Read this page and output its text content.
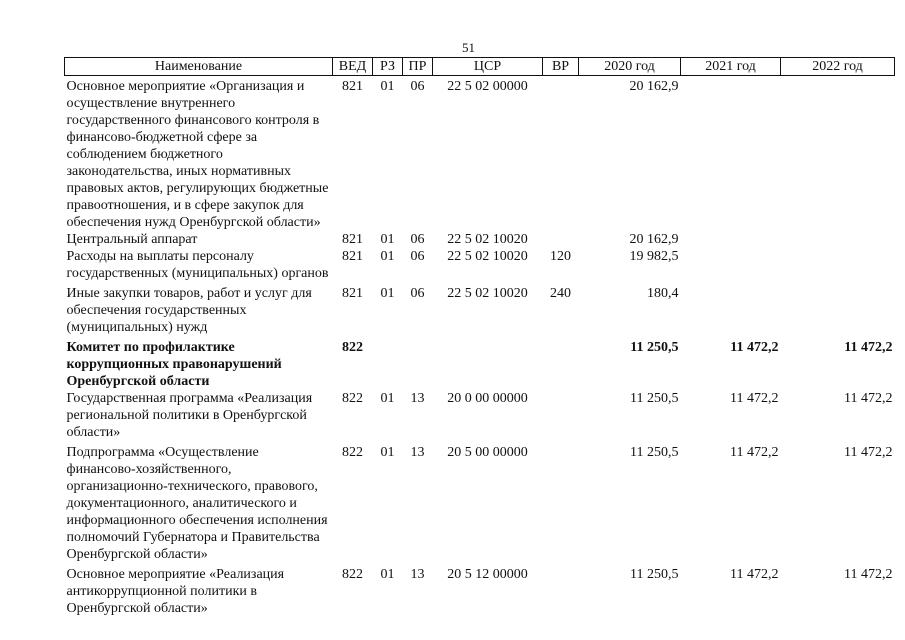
51
Наименование	ВЕД	РЗ	ПР	ЦСР	ВР	2020 год	2021 год	2022 год
Основное мероприятие «Организация и осуществление внутреннего государственного финансового контроля в финансово-бюджетной сфере за соблюдением бюджетного законодательства, иных нормативных правовых актов, регулирующих бюджетные правоотношения, и в сфере закупок для обеспечения нужд Оренбургской области»	821	01	06	22 5 02 00000		20 162,9		
Центральный аппарат	821	01	06	22 5 02 10020		20 162,9		
Расходы на выплаты персоналу государственных (муниципальных) органов	821	01	06	22 5 02 10020	120	19 982,5		
Иные закупки товаров, работ и услуг для обеспечения государственных (муниципальных) нужд	821	01	06	22 5 02 10020	240	180,4		
Комитет по профилактике коррупционных правонарушений Оренбургской области	822					11 250,5	11 472,2	11 472,2
Государственная программа «Реализация региональной политики в Оренбургской области»	822	01	13	20 0 00 00000		11 250,5	11 472,2	11 472,2
Подпрограмма «Осуществление финансово-хозяйственного, организационно-технического, правового, документационного, аналитического и информационного обеспечения исполнения полномочий Губернатора и Правительства Оренбургской области»	822	01	13	20 5 00 00000		11 250,5	11 472,2	11 472,2
Основное мероприятие «Реализация антикоррупционной политики в Оренбургской области»	822	01	13	20 5 12 00000		11 250,5	11 472,2	11 472,2
